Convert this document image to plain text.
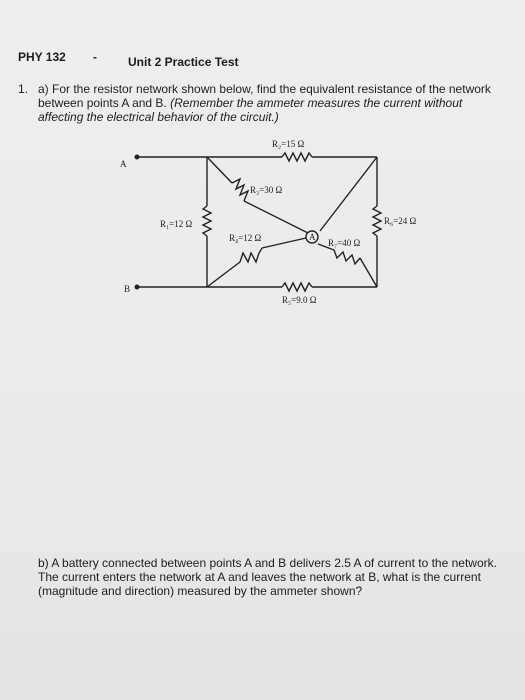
PHY 132 -	Unit 2 Practice Test
1. a) For the resistor network shown below, find the equivalent resistance of the network between points A and B. (Remember the ammeter measures the current without affecting the electrical behavior of the circuit.)
A
B
A
R₂=15 Ω
R₃=30 Ω
R₁=12 Ω	R₆=24 Ω
R₄=12 Ω	R₇=40 Ω
R₅=9.0 Ω
b) A battery connected between points A and B delivers 2.5 A of current to the network. The current enters the network at A and leaves the network at B, what is the current (magnitude and direction) measured by the ammeter shown?
